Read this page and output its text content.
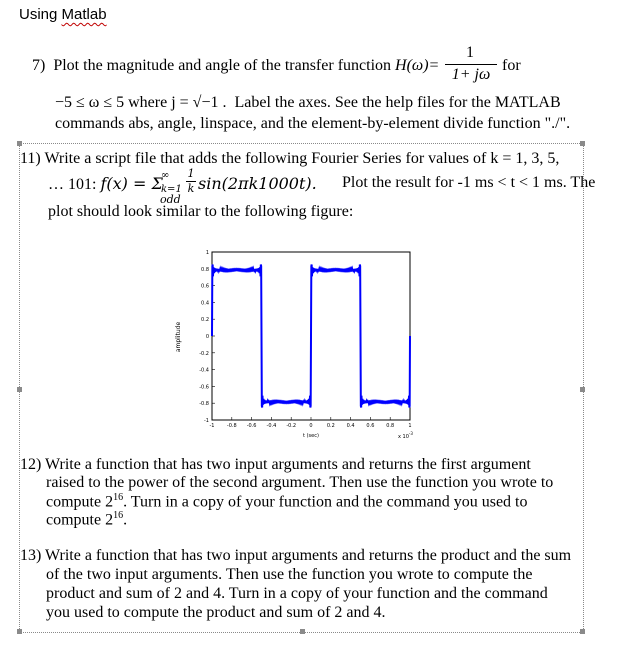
Using Matlab
7) Plot the magnitude and angle of the transfer function H(ω)=
1
1+ jω
for
−5 ≤ ω ≤ 5 where j = √−1 . Label the axes. See the help files for the MATLAB
commands abs, angle, linspace, and the element-by-element divide function "./".
11) Write a script file that adds the following Fourier Series for values of k = 1, 3, 5,
… 101: f(x) = Σ
∞
k=1
odd
1
k sin(2πk1000t). Plot the result for -1 ms < t < 1 ms. The
plot should look similar to the following figure:
-1
-0.8
-0.6
-0.4
-0.2
0
0.2
0.4
0.6
0.8
1
-1 -0.8 -0.6 -0.4 -0.2	0	0.2 0.4 0.6 0.8	1
amplitude
t (sec)	x $10^{-3}$
12) Write a function that has two input arguments and returns the first argument
raised to the power of the second argument. Then use the function you wrote to
compute $2^{16}$. Turn in a copy of your function and the command you used to
compute $2^{16}$.
13) Write a function that has two input arguments and returns the product and the sum
of the two input arguments. Then use the function you wrote to compute the
product and sum of 2 and 4. Turn in a copy of your function and the command
you used to compute the product and sum of 2 and 4.
